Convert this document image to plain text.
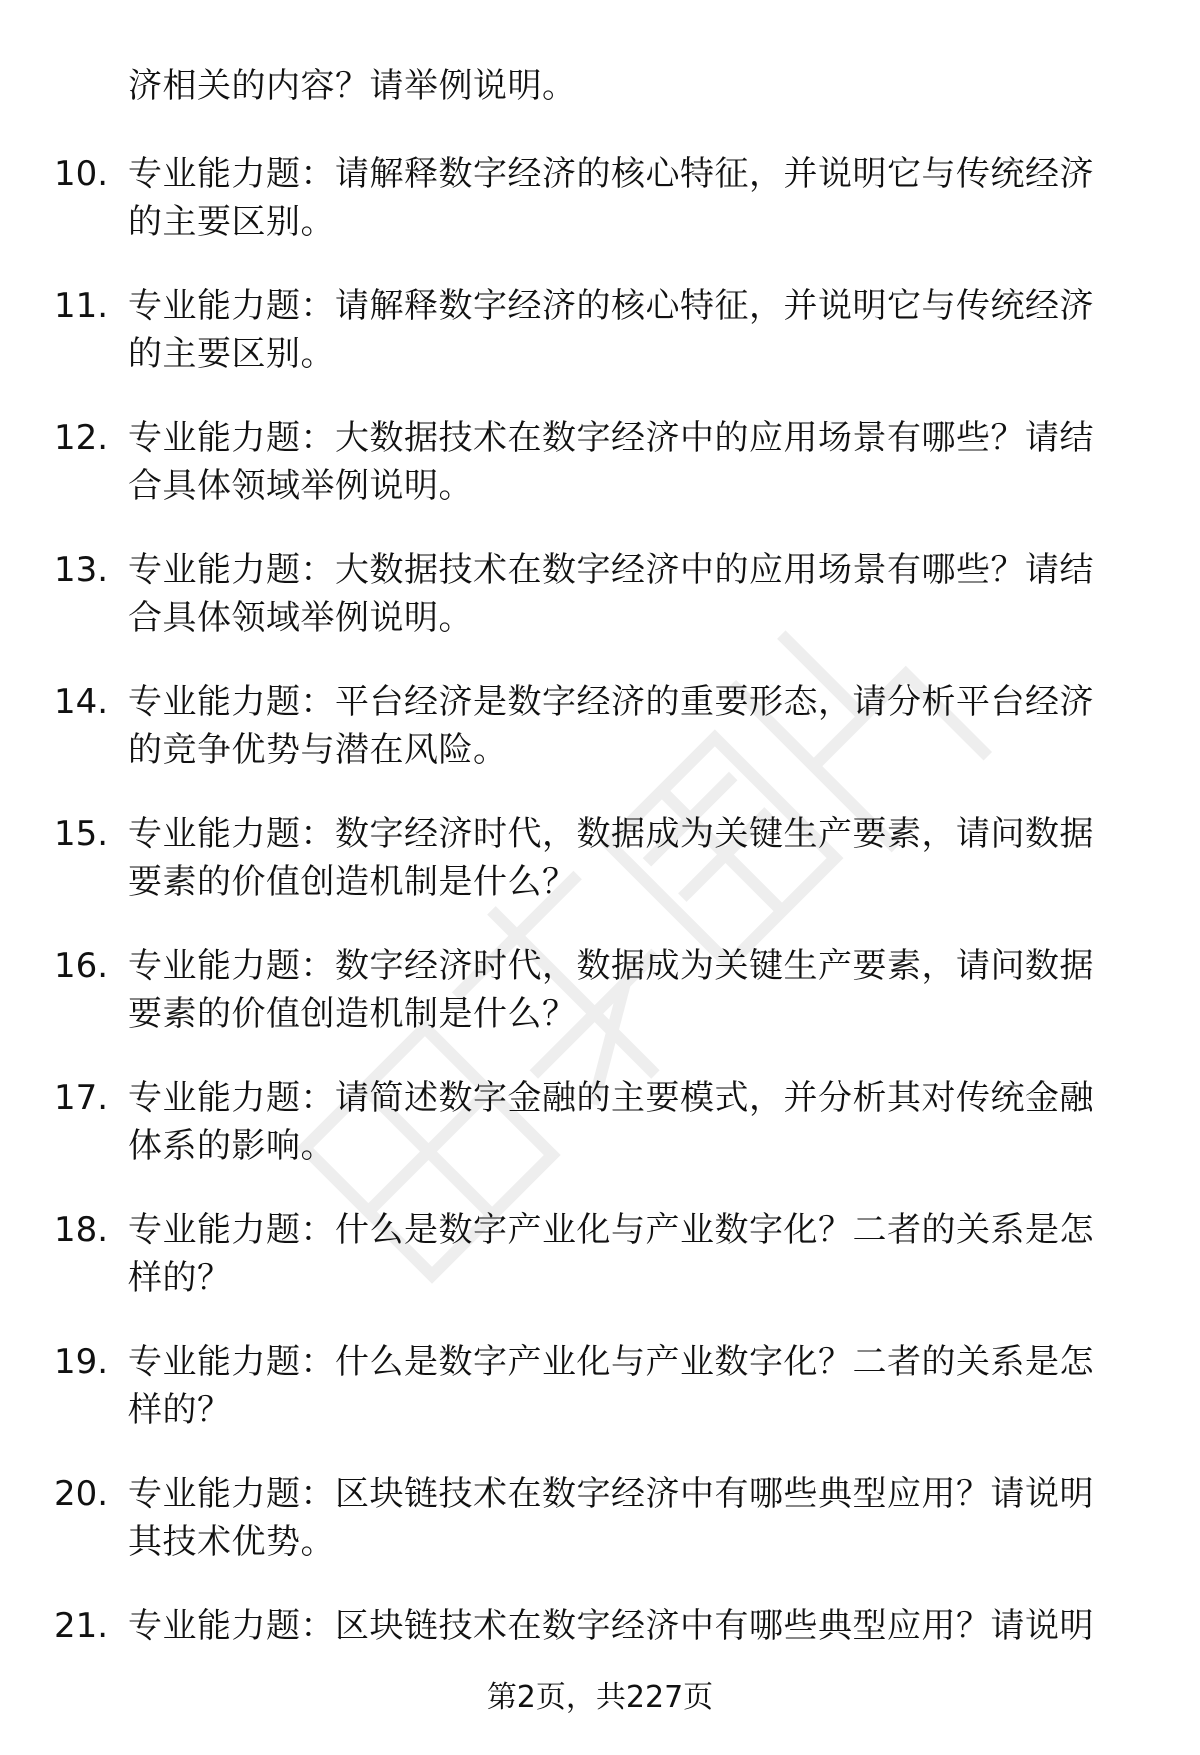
济相关的内容？请举例说明。
10. 专业能力题：请解释数字经济的核心特征，并说明它与传统经济
的主要区别。
11. 专业能力题：请解释数字经济的核心特征，并说明它与传统经济
的主要区别。
12. 专业能力题：大数据技术在数字经济中的应用场景有哪些？请结
合具体领域举例说明。
13. 专业能力题：大数据技术在数字经济中的应用场景有哪些？请结
合具体领域举例说明。
14. 专业能力题：平台经济是数字经济的重要形态，请分析平台经济
的竞争优势与潜在风险。
15. 专业能力题：数字经济时代，数据成为关键生产要素，请问数据
要素的价值创造机制是什么？
16. 专业能力题：数字经济时代，数据成为关键生产要素，请问数据
要素的价值创造机制是什么？
17. 专业能力题：请简述数字金融的主要模式，并分析其对传统金融
体系的影响。
18. 专业能力题：什么是数字产业化与产业数字化？二者的关系是怎
样的？
19. 专业能力题：什么是数字产业化与产业数字化？二者的关系是怎
样的？
20. 专业能力题：区块链技术在数字经济中有哪些典型应用？请说明
其技术优势。
21. 专业能力题：区块链技术在数字经济中有哪些典型应用？请说明
第2页，共227页
